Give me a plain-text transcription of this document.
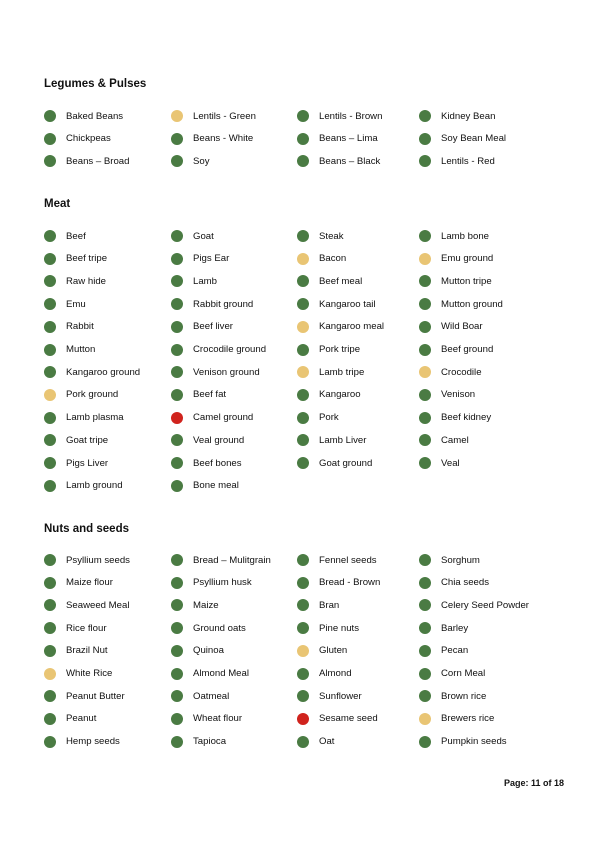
Legumes & Pulses
Baked Beans	Lentils - Green	Lentils - Brown	Kidney Bean
Chickpeas	Beans - White	Beans – Lima	Soy Bean Meal
Beans – Broad	Soy	Beans – Black	Lentils - Red
Meat
Beef	Goat	Steak	Lamb bone
Beef tripe	Pigs Ear	Bacon	Emu ground
Raw hide	Lamb	Beef meal	Mutton tripe
Emu	Rabbit ground	Kangaroo tail	Mutton ground
Rabbit	Beef liver	Kangaroo meal	Wild Boar
Mutton	Crocodile ground	Pork tripe	Beef ground
Kangaroo ground	Venison ground	Lamb tripe	Crocodile
Pork ground	Beef fat	Kangaroo	Venison
Lamb plasma	Camel ground	Pork	Beef kidney
Goat tripe	Veal ground	Lamb Liver	Camel
Pigs Liver	Beef bones	Goat ground	Veal
Lamb ground	Bone meal
Nuts and seeds
Psyllium seeds	Bread – Mulitgrain	Fennel seeds	Sorghum
Maize flour	Psyllium husk	Bread - Brown	Chia seeds
Seaweed Meal	Maize	Bran	Celery Seed Powder
Rice flour	Ground oats	Pine nuts	Barley
Brazil Nut	Quinoa	Gluten	Pecan
White Rice	Almond Meal	Almond	Corn Meal
Peanut Butter	Oatmeal	Sunflower	Brown rice
Peanut	Wheat flour	Sesame seed	Brewers rice
Hemp seeds	Tapioca	Oat	Pumpkin seeds
Page: 11 of 18
